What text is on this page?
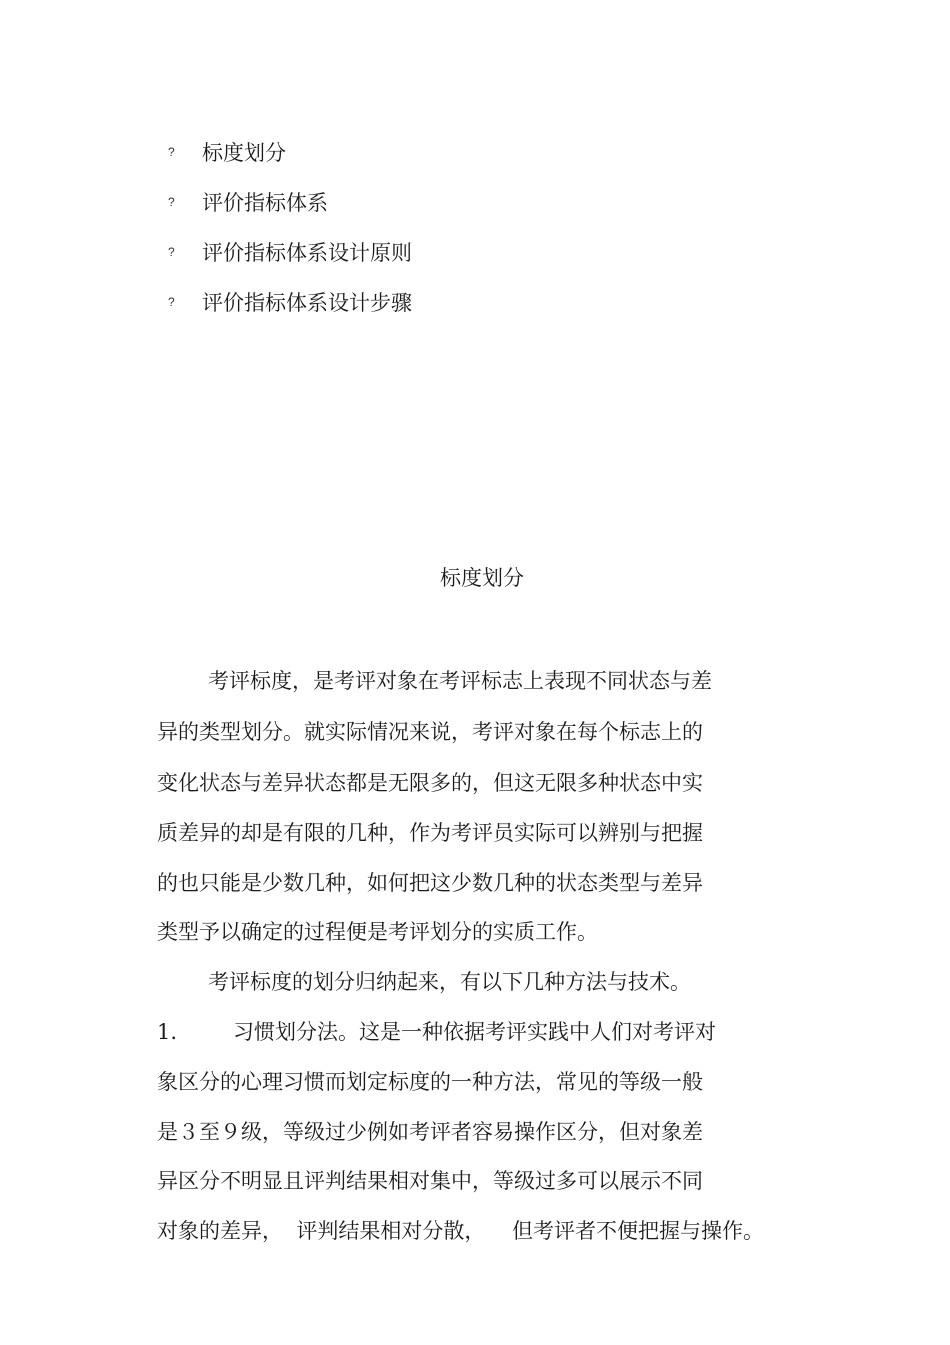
?	标度划分
?	评价指标体系
?	评价指标体系设计原则
?	评价指标体系设计步骤
标度划分

考评标度，是考评对象在考评标志上表现不同状态与差

异的类型划分。就实际情况来说，考评对象在每个标志上的

变化状态与差异状态都是无限多的，但这无限多种状态中实

质差异的却是有限的几种，作为考评员实际可以辨别与把握

的也只能是少数几种，如何把这少数几种的状态类型与差异

类型予以确定的过程便是考评划分的实质工作。

考评标度的划分归纳起来，有以下几种方法与技术。

1.	习惯划分法。这是一种依据考评实践中人们对考评对

象区分的心理习惯而划定标度的一种方法，常见的等级一般

是３至９级，等级过少例如考评者容易操作区分，但对象差

异区分不明显且评判结果相对集中，等级过多可以展示不同

对象的差异，  评判结果相对分散，    但考评者不便把握与操作。
